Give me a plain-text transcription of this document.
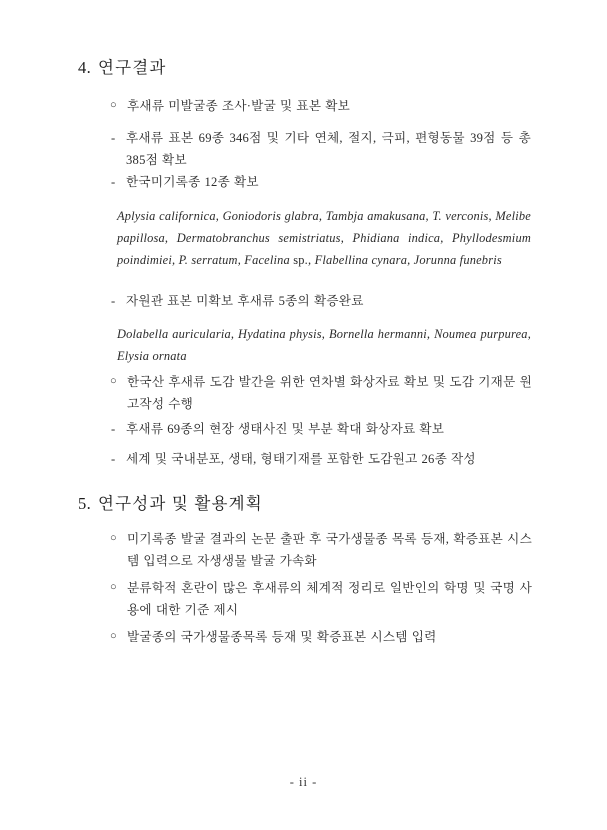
4. 연구결과
○ 후새류 미발굴종 조사·발굴 및 표본 확보
- 후새류 표본 69종 346점 및 기타 연체, 절지, 극피, 편형동물 39점 등 총 385점 확보
- 한국미기록종 12종 확보
Aplysia californica, Goniodoris glabra, Tambja amakusana, T. verconis, Melibe papillosa, Dermatobranchus semistriatus, Phidiana indica, Phyllodesmium poindimiei, P. serratum, Facelina sp., Flabellina cynara, Jorunna funebris
- 자원관 표본 미확보 후새류 5종의 확증완료
Dolabella auricularia, Hydatina physis, Bornella hermanni, Noumea purpurea, Elysia ornata
○ 한국산 후새류 도감 발간을 위한 연차별 화상자료 확보 및 도감 기재문 원고작성 수행
- 후새류 69종의 현장 생태사진 및 부분 확대 화상자료 확보
- 세계 및 국내분포, 생태, 형태기재를 포함한 도감원고 26종 작성
5. 연구성과 및 활용계획
○ 미기록종 발굴 결과의 논문 출판 후 국가생물종 목록 등재, 확증표본 시스템 입력으로 자생생물 발굴 가속화
○ 분류학적 혼란이 많은 후새류의 체계적 정리로 일반인의 학명 및 국명 사용에 대한 기준 제시
○ 발굴종의 국가생물종목록 등재 및 확증표본 시스템 입력
- ii -
